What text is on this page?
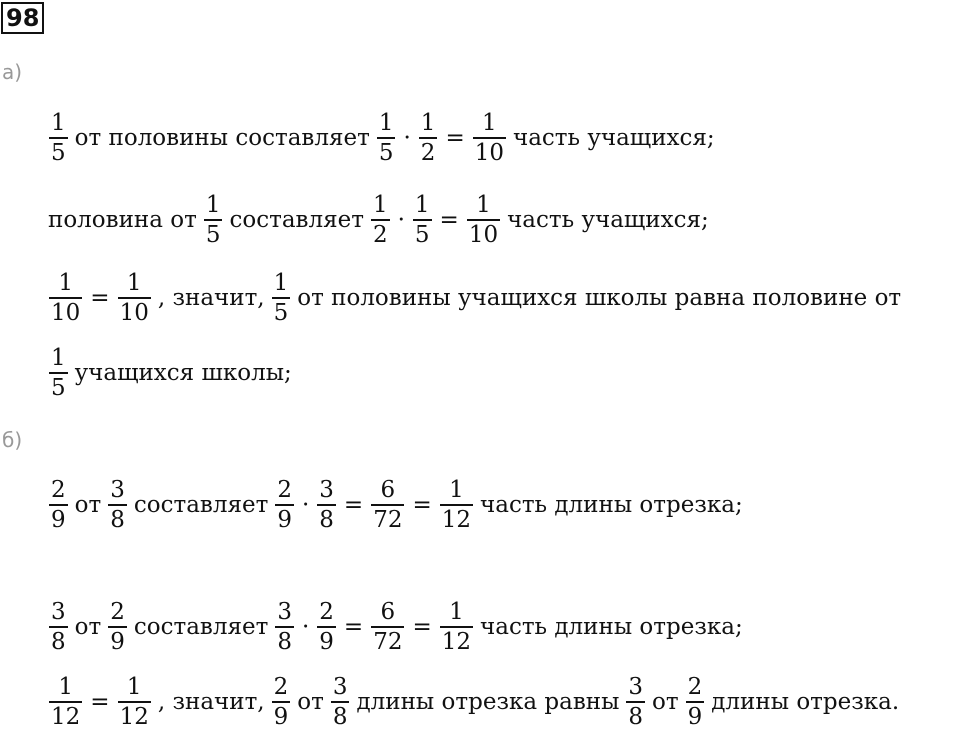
98
а)
$\frac{1}{5}$ от половины составляет $\frac{1}{5} \cdot \frac{1}{2} = \frac{1}{10}$ часть учащихся;
половина от $\frac{1}{5}$ составляет $\frac{1}{2} \cdot \frac{1}{5} = \frac{1}{10}$ часть учащихся;
$\frac{1}{10} = \frac{1}{10}$ , значит, $\frac{1}{5}$ от половины учащихся школы равна половине от
$\frac{1}{5}$ учащихся школы;
б)
$\frac{2}{9}$ от $\frac{3}{8}$ составляет $\frac{2}{9} \cdot \frac{3}{8} = \frac{6}{72} = \frac{1}{12}$ часть длины отрезка;
$\frac{3}{8}$ от $\frac{2}{9}$ составляет $\frac{3}{8} \cdot \frac{2}{9} = \frac{6}{72} = \frac{1}{12}$ часть длины отрезка;
$\frac{1}{12} = \frac{1}{12}$ , значит, $\frac{2}{9}$ от $\frac{3}{8}$ длины отрезка равны $\frac{3}{8}$ от $\frac{2}{9}$ длины отрезка.
